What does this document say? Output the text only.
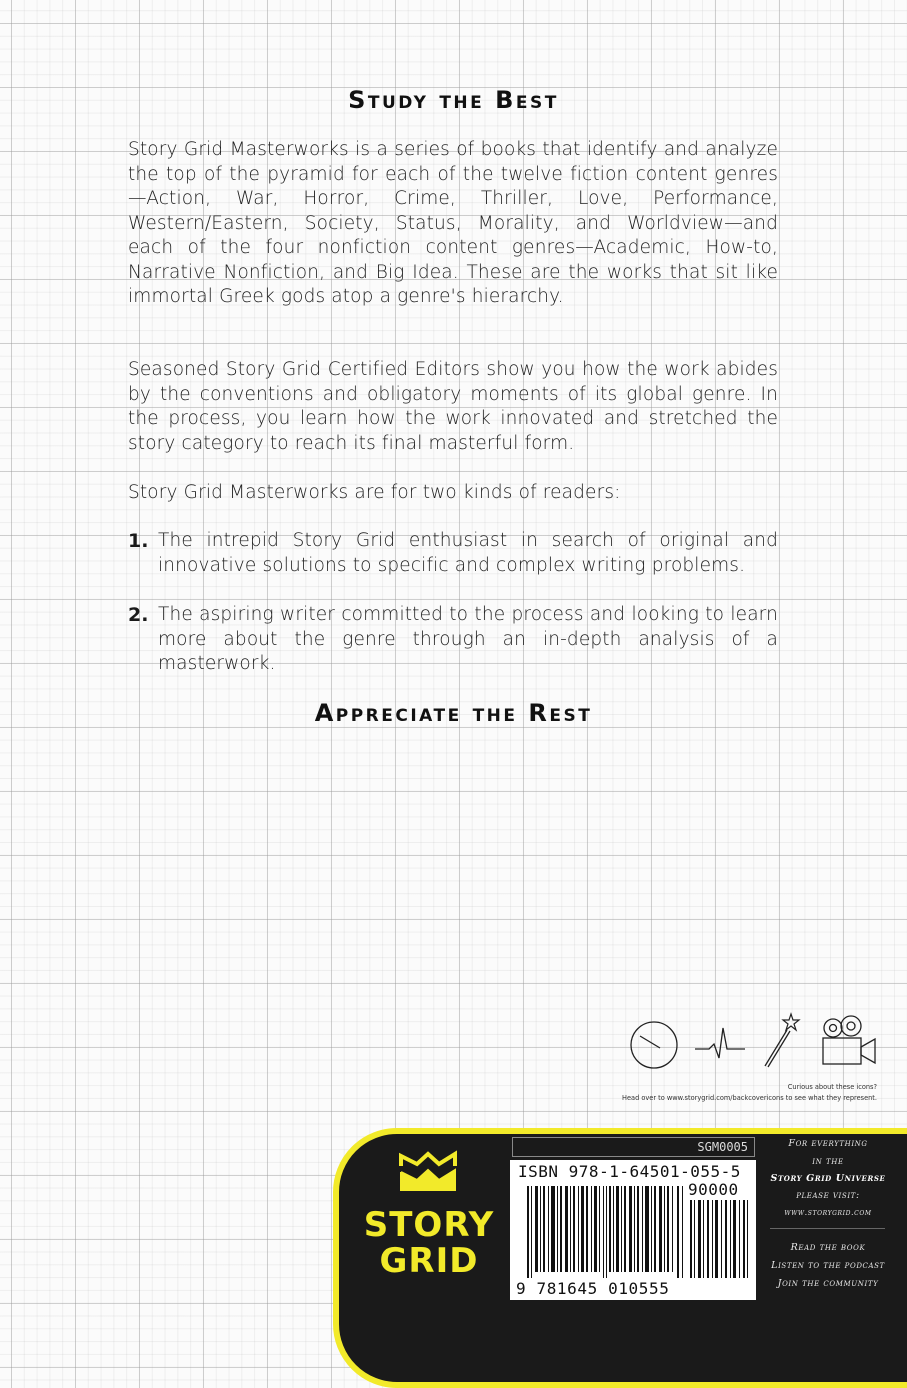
Study the Best

Story Grid Masterworks is a series of books that identify and analyze the top of the pyramid for each of the twelve fiction content genres—Action, War, Horror, Crime, Thriller, Love, Performance, Western/Eastern, Society, Status, Morality, and Worldview—and each of the four nonfiction content genres—Academic, How-to, Narrative Nonfiction, and Big Idea. These are the works that sit like immortal Greek gods atop a genre's hierarchy.

Seasoned Story Grid Certified Editors show you how the work abides by the conventions and obligatory moments of its global genre. In the process, you learn how the work innovated and stretched the story category to reach its final masterful form.

Story Grid Masterworks are for two kinds of readers:

1. The intrepid Story Grid enthusiast in search of original and innovative solutions to specific and complex writing problems.
2. The aspiring writer committed to the process and looking to learn more about the genre through an in-depth analysis of a masterwork.
Appreciate the Rest
Curious about these icons?
Head over to www.storygrid.com/backcovericons to see what they represent.
STORY
GRID
SGM0005
ISBN 978-1-64501-055-5
90000
9 781645 010555
For everything
in the
Story Grid Universe
please visit:
www.storygrid.com
Read the book
Listen to the podcast
Join the community
